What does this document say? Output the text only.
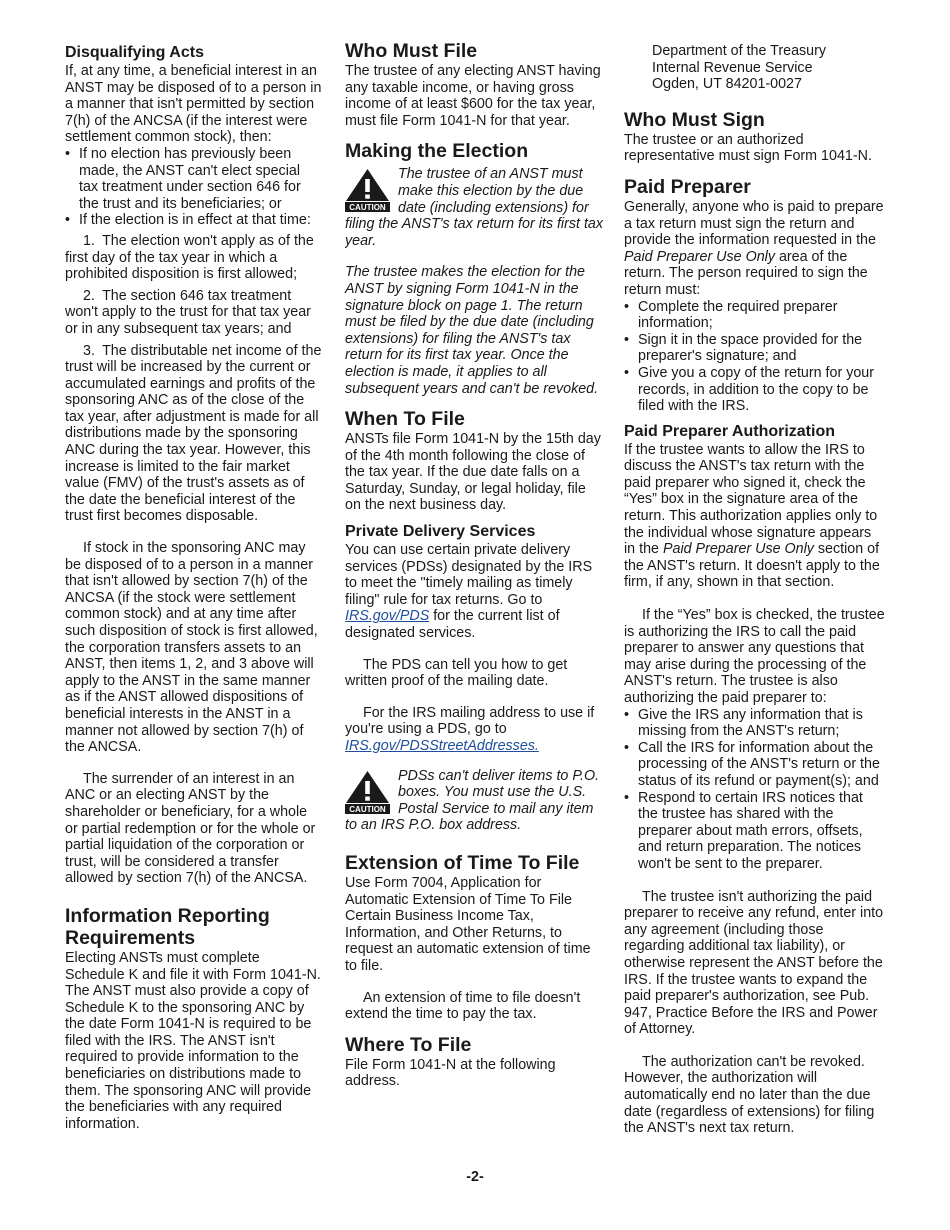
Disqualifying Acts

If, at any time, a beneficial interest in an ANST may be disposed of to a person in a manner that isn't permitted by section 7(h) of the ANCSA (if the interest were settlement common stock), then:

• If no election has previously been made, the ANST can't elect special tax treatment under section 646 for the trust and its beneficiaries; or

• If the election is in effect at that time:

1. The election won't apply as of the first day of the tax year in which a prohibited disposition is first allowed;

2. The section 646 tax treatment won't apply to the trust for that tax year or in any subsequent tax years; and

3. The distributable net income of the trust will be increased by the current or accumulated earnings and profits of the sponsoring ANC as of the close of the tax year, after adjustment is made for all distributions made by the sponsoring ANC during the tax year. However, this increase is limited to the fair market value (FMV) of the trust's assets as of the date the beneficial interest of the trust first becomes disposable.

If stock in the sponsoring ANC may be disposed of to a person in a manner that isn't allowed by section 7(h) of the ANCSA (if the stock were settlement common stock) and at any time after such disposition of stock is first allowed, the corporation transfers assets to an ANST, then items 1, 2, and 3 above will apply to the ANST in the same manner as if the ANST allowed dispositions of beneficial interests in the ANST in a manner not allowed by section 7(h) of the ANCSA.

The surrender of an interest in an ANC or an electing ANST by the shareholder or beneficiary, for a whole or partial redemption or for the whole or partial liquidation of the corporation or trust, will be considered a transfer allowed by section 7(h) of the ANCSA.

Information Reporting Requirements

Electing ANSTs must complete Schedule K and file it with Form 1041-N. The ANST must also provide a copy of Schedule K to the sponsoring ANC by the date Form 1041-N is required to be filed with the IRS. The ANST isn't required to provide information to the beneficiaries on distributions made to them. The sponsoring ANC will provide the beneficiaries with any required information.

Who Must File

The trustee of any electing ANST having any taxable income, or having gross income of at least $600 for the tax year, must file Form 1041-N for that year.

Making the Election
CAUTION

The trustee of an ANST must make this election by the due date (including extensions) for filing the ANST's tax return for its first tax year.

The trustee makes the election for the ANST by signing Form 1041-N in the signature block on page 1. The return must be filed by the due date (including extensions) for filing the ANST's tax return for its first tax year. Once the election is made, it applies to all subsequent years and can't be revoked.

When To File

ANSTs file Form 1041-N by the 15th day of the 4th month following the close of the tax year. If the due date falls on a Saturday, Sunday, or legal holiday, file on the next business day.

Private Delivery Services

You can use certain private delivery services (PDSs) designated by the IRS to meet the "timely mailing as timely filing" rule for tax returns. Go to IRS.gov/PDS for the current list of designated services.

The PDS can tell you how to get written proof of the mailing date.

For the IRS mailing address to use if you're using a PDS, go to IRS.gov/PDSStreetAddresses.

CAUTION

PDSs can't deliver items to P.O. boxes. You must use the U.S. Postal Service to mail any item to an IRS P.O. box address.

Extension of Time To File

Use Form 7004, Application for Automatic Extension of Time To File Certain Business Income Tax, Information, and Other Returns, to request an automatic extension of time to file.

An extension of time to file doesn't extend the time to pay the tax.

Where To File

File Form 1041-N at the following address.

Department of the Treasury

Internal Revenue Service

Ogden, UT 84201-0027

Who Must Sign

The trustee or an authorized representative must sign Form 1041-N.

Paid Preparer

Generally, anyone who is paid to prepare a tax return must sign the return and provide the information requested in the Paid Preparer Use Only area of the return. The person required to sign the return must:

• Complete the required preparer information;

• Sign it in the space provided for the preparer's signature; and

• Give you a copy of the return for your records, in addition to the copy to be filed with the IRS.

Paid Preparer Authorization

If the trustee wants to allow the IRS to discuss the ANST's tax return with the paid preparer who signed it, check the “Yes” box in the signature area of the return. This authorization applies only to the individual whose signature appears in the Paid Preparer Use Only section of the ANST's return. It doesn't apply to the firm, if any, shown in that section.

If the “Yes” box is checked, the trustee is authorizing the IRS to call the paid preparer to answer any questions that may arise during the processing of the ANST's return. The trustee is also authorizing the paid preparer to:

• Give the IRS any information that is missing from the ANST's return;

• Call the IRS for information about the processing of the ANST's return or the status of its refund or payment(s); and

• Respond to certain IRS notices that the trustee has shared with the preparer about math errors, offsets, and return preparation. The notices won't be sent to the preparer.

The trustee isn't authorizing the paid preparer to receive any refund, enter into any agreement (including those regarding additional tax liability), or otherwise represent the ANST before the IRS. If the trustee wants to expand the paid preparer's authorization, see Pub. 947, Practice Before the IRS and Power of Attorney.

The authorization can't be revoked. However, the authorization will automatically end no later than the due date (regardless of extensions) for filing the ANST's next tax return.

-2-
